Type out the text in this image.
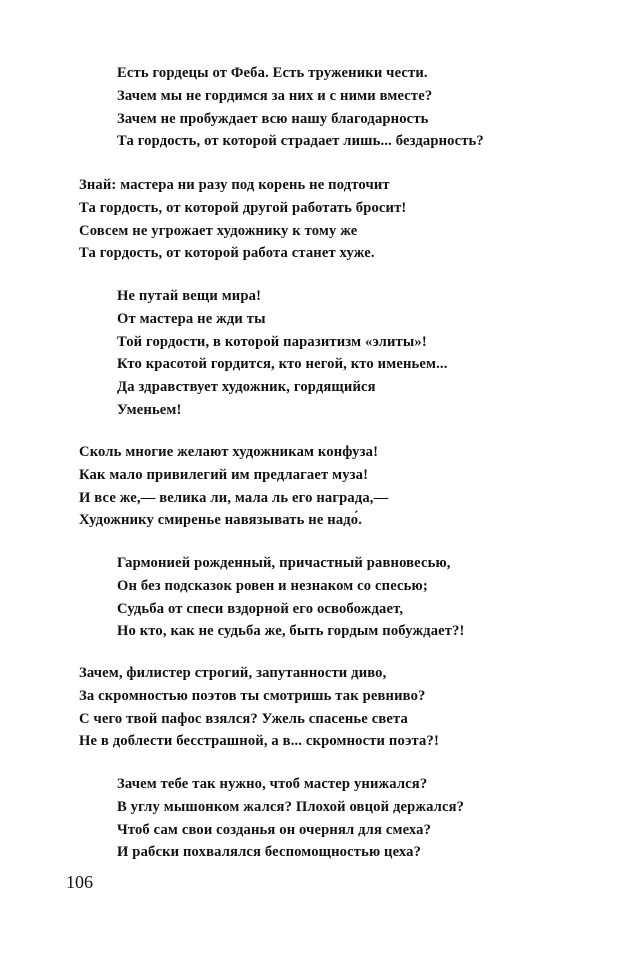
Есть гордецы от Феба. Есть труженики чести.
Зачем мы не гордимся за них и с ними вместе?
Зачем не пробуждает всю нашу благодарность
Та гордость, от которой страдает лишь... бездарность?
Знай: мастера ни разу под корень не подточит
Та гордость, от которой другой работать бросит!
Совсем не угрожает художнику к тому же
Та гордость, от которой работа станет хуже.
Не путай вещи мира!
От мастера не жди ты
Той гордости, в которой паразитизм «элиты»!
Кто красотой гордится, кто негой, кто именьем...
Да здравствует художник, гордящийся
Уменьем!
Сколь многие желают художникам конфуза!
Как мало привилегий им предлагает муза!
И все же,— велика ли, мала ль его награда,—
Художнику смиренье навязывать не надо́.
Гармонией рожденный, причастный равновесью,
Он без подсказок ровен и незнаком со спесью;
Судьба от спеси вздорной его освобождает,
Но кто, как не судьба же, быть гордым побуждает?!
Зачем, филистер строгий, запутанности диво,
За скромностью поэтов ты смотришь так ревниво?
С чего твой пафос взялся? Ужель спасенье света
Не в доблести бесстрашной, а в... скромности поэта?!
Зачем тебе так нужно, чтоб мастер унижался?
В углу мышонком жался? Плохой овцой держался?
Чтоб сам свои созданья он очернял для смеха?
И рабски похвалялся беспомощностью цеха?
106
